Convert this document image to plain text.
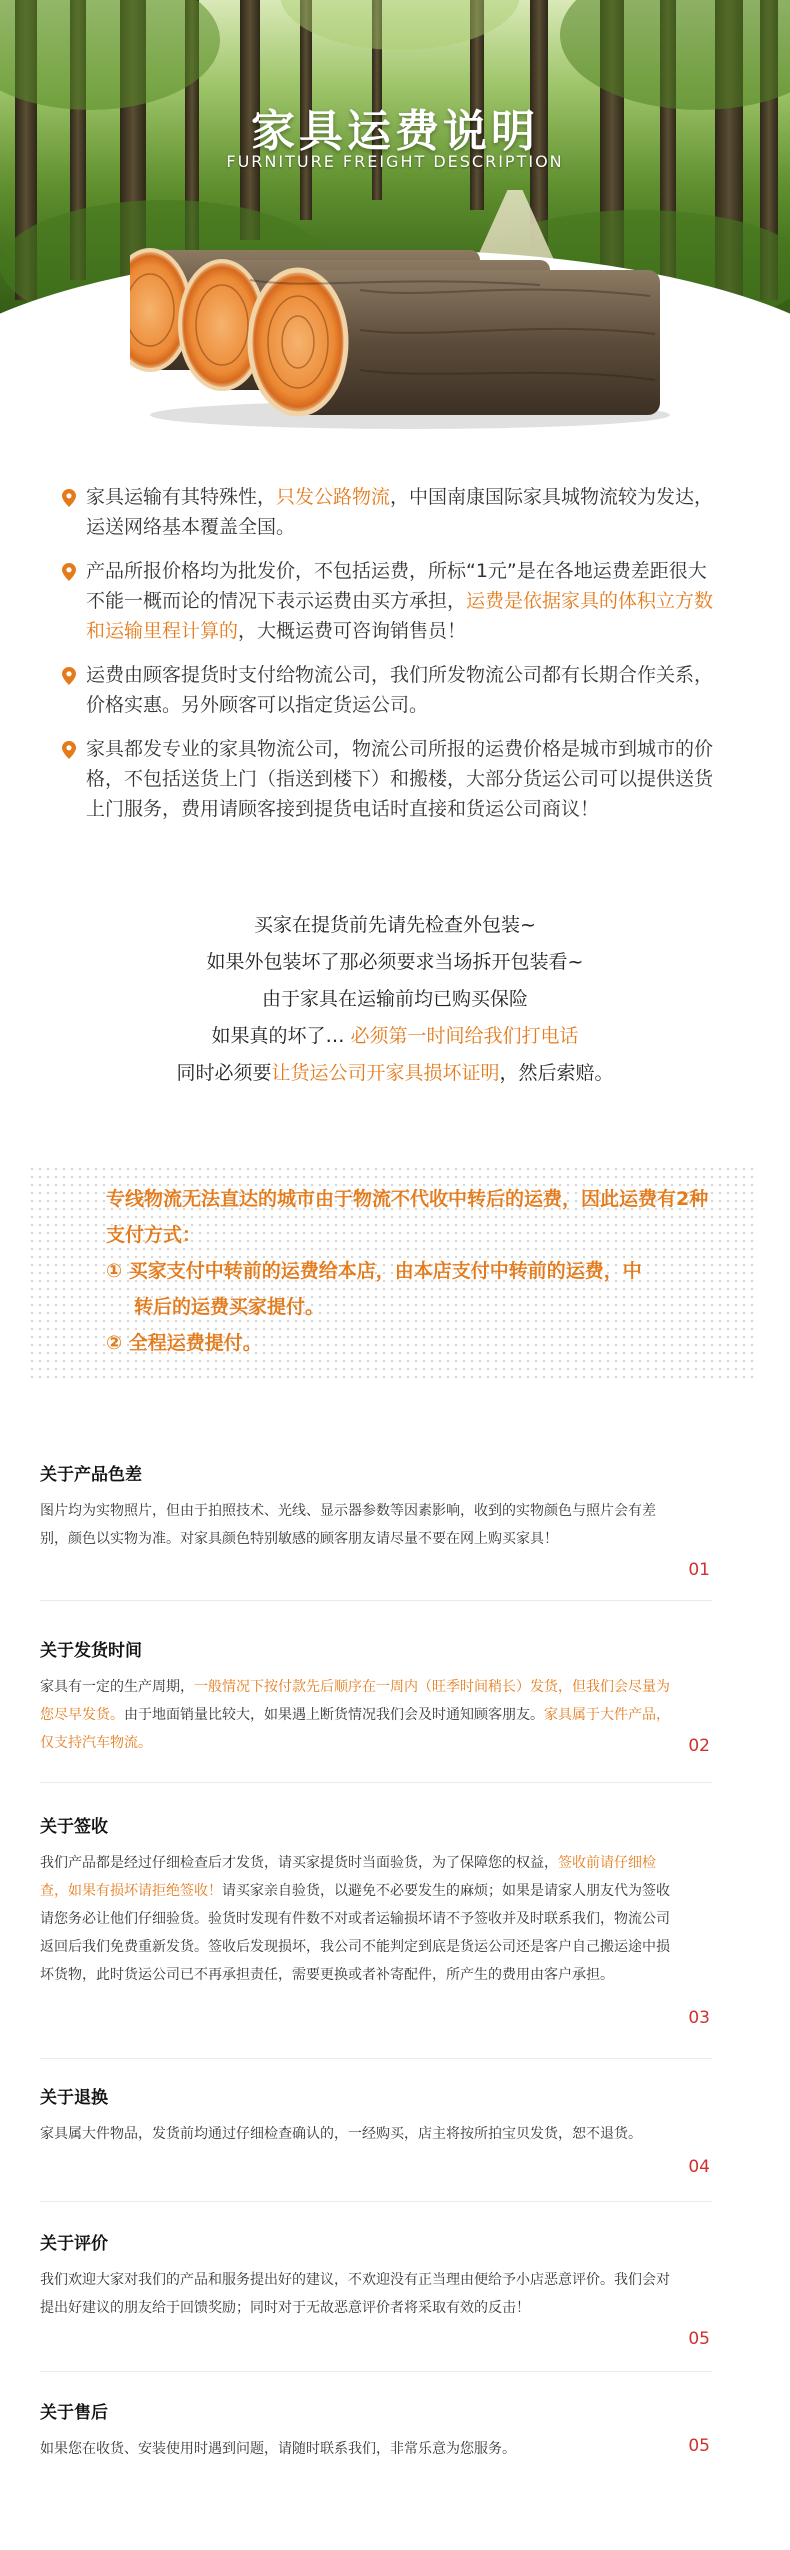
家具运费说明
FURNITURE FREIGHT DESCRIPTION
家具运输有其特殊性，只发公路物流，中国南康国际家具城物流较为发达，运送网络基本覆盖全国。
产品所报价格均为批发价，不包括运费，所标“1元”是在各地运费差距很大不能一概而论的情况下表示运费由买方承担，运费是依据家具的体积立方数和运输里程计算的，大概运费可咨询销售员！
运费由顾客提货时支付给物流公司，我们所发物流公司都有长期合作关系，价格实惠。另外顾客可以指定货运公司。
家具都发专业的家具物流公司，物流公司所报的运费价格是城市到城市的价格，不包括送货上门（指送到楼下）和搬楼，大部分货运公司可以提供送货上门服务，费用请顾客接到提货电话时直接和货运公司商议！
买家在提货前先请先检查外包装~
如果外包装坏了那必须要求当场拆开包装看~
由于家具在运输前均已购买保险
如果真的坏了… 必须第一时间给我们打电话
同时必须要让货运公司开家具损坏证明，然后索赔。
专线物流无法直达的城市由于物流不代收中转后的运费，因此运费有2种支付方式：
① 买家支付中转前的运费给本店，由本店支付中转前的运费，中
转后的运费买家提付。
② 全程运费提付。
关于产品色差
图片均为实物照片，但由于拍照技术、光线、显示器参数等因素影响，收到的实物颜色与照片会有差别，颜色以实物为准。对家具颜色特别敏感的顾客朋友请尽量不要在网上购买家具！
01
关于发货时间
家具有一定的生产周期，一般情况下按付款先后顺序在一周内（旺季时间稍长）发货，但我们会尽量为您尽早发货。由于地面销量比较大，如果遇上断货情况我们会及时通知顾客朋友。家具属于大件产品，仅支持汽车物流。	02
关于签收
我们产品都是经过仔细检查后才发货，请买家提货时当面验货，为了保障您的权益，签收前请仔细检查，如果有损坏请拒绝签收！请买家亲自验货，以避免不必要发生的麻烦；如果是请家人朋友代为签收请您务必让他们仔细验货。验货时发现有件数不对或者运输损坏请不予签收并及时联系我们，物流公司返回后我们免费重新发货。签收后发现损坏，我公司不能判定到底是货运公司还是客户自己搬运途中损坏货物，此时货运公司已不再承担责任，需要更换或者补寄配件，所产生的费用由客户承担。
03
关于退换
家具属大件物品，发货前均通过仔细检查确认的，一经购买，店主将按所拍宝贝发货，恕不退货。
04
关于评价
我们欢迎大家对我们的产品和服务提出好的建议，不欢迎没有正当理由便给予小店恶意评价。我们会对提出好建议的朋友给于回馈奖励；同时对于无故恶意评价者将采取有效的反击！
05
关于售后
如果您在收货、安装使用时遇到问题，请随时联系我们，非常乐意为您服务。	05
